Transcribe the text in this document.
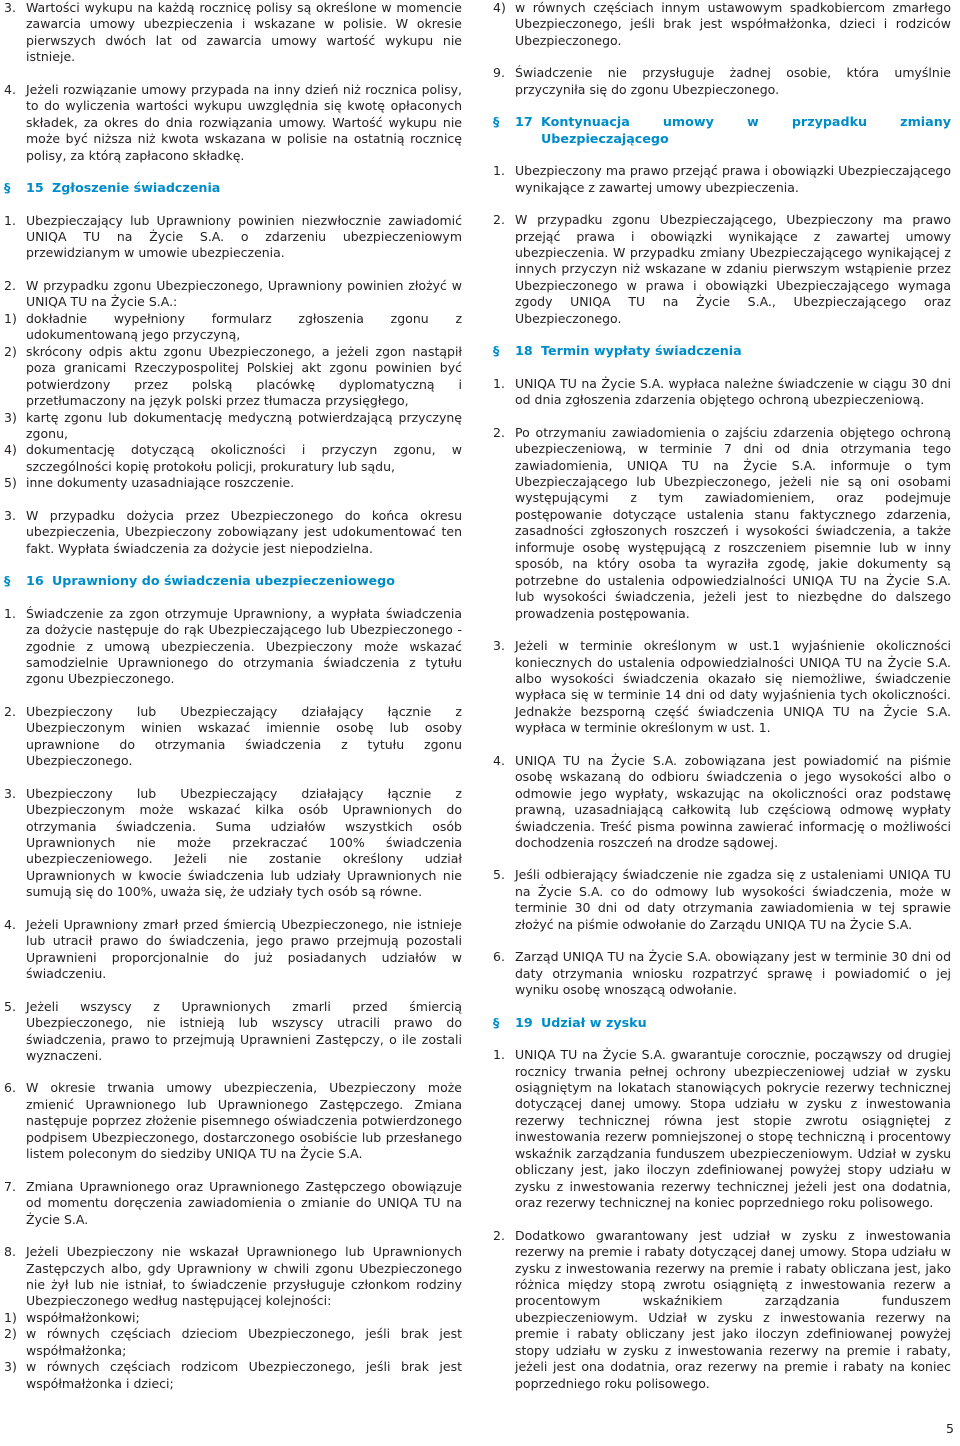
3. Wartości wykupu na każdą rocznicę polisy są określone w momencie zawarcia umowy ubezpieczenia i wskazane w polisie. W okresie pierwszych dwóch lat od zawarcia umowy wartość wykupu nie istnieje.

4. Jeżeli rozwiązanie umowy przypada na inny dzień niż rocznica polisy, to do wyliczenia wartości wykupu uwzględnia się kwotę opłaconych składek, za okres do dnia rozwiązania umowy. Wartość wykupu nie może być niższa niż kwota wskazana w polisie na ostatnią rocznicę polisy, za którą zapłacono składkę.

§	15 Zgłoszenie świadczenia
1. Ubezpieczający lub Uprawniony powinien niezwłocznie zawiadomić UNIQA TU na Życie S.A. o zdarzeniu ubezpieczeniowym przewidzianym w umowie ubezpieczenia.

2. W przypadku zgonu Ubezpieczonego, Uprawniony powinien złożyć w UNIQA TU na Życie S.A.:

1) dokładnie wypełniony formularz zgłoszenia zgonu z udokumentowaną jego przyczyną,
2) skrócony odpis aktu zgonu Ubezpieczonego, a jeżeli zgon nastąpił poza granicami Rzeczypospolitej Polskiej akt zgonu powinien być potwierdzony przez polską placówkę dyplomatyczną i przetłumaczony na język polski przez tłumacza przysięgłego,
3) kartę zgonu lub dokumentację medyczną potwierdzającą przyczynę zgonu,
4) dokumentację dotyczącą okoliczności i przyczyn zgonu, w szczególności kopię protokołu policji, prokuratury lub sądu,
5) inne dokumenty uzasadniające roszczenie.
3. W przypadku dożycia przez Ubezpieczonego do końca okresu ubezpieczenia, Ubezpieczony zobowiązany jest udokumentować ten fakt. Wypłata świadczenia za dożycie jest niepodzielna.

§	16 Uprawniony do świadczenia ubezpieczeniowego
1. Świadczenie za zgon otrzymuje Uprawniony, a wypłata świadczenia za dożycie następuje do rąk Ubezpieczającego lub Ubezpieczonego - zgodnie z umową ubezpieczenia. Ubezpieczony może wskazać samodzielnie Uprawnionego do otrzymania świadczenia z tytułu zgonu Ubezpieczonego.

2. Ubezpieczony lub Ubezpieczający działający łącznie z Ubezpieczonym winien wskazać imiennie osobę lub osoby uprawnione do otrzymania świadczenia z tytułu zgonu Ubezpieczonego.

3. Ubezpieczony lub Ubezpieczający działający łącznie z Ubezpieczonym może wskazać kilka osób Uprawnionych do otrzymania świadczenia. Suma udziałów wszystkich osób Uprawnionych nie może przekraczać 100% świadczenia ubezpieczeniowego. Jeżeli nie zostanie określony udział Uprawnionych w kwocie świadczenia lub udziały Uprawnionych nie sumują się do 100%, uważa się, że udziały tych osób są równe.

4. Jeżeli Uprawniony zmarł przed śmiercią Ubezpieczonego, nie istnieje lub utracił prawo do świadczenia, jego prawo przejmują pozostali Uprawnieni proporcjonalnie do już posiadanych udziałów w świadczeniu.

5. Jeżeli wszyscy z Uprawnionych zmarli przed śmiercią Ubezpieczonego, nie istnieją lub wszyscy utracili prawo do świadczenia, prawo to przejmują Uprawnieni Zastępczy, o ile zostali wyznaczeni.

6. W okresie trwania umowy ubezpieczenia, Ubezpieczony może zmienić Uprawnionego lub Uprawnionego Zastępczego. Zmiana następuje poprzez złożenie pisemnego oświadczenia potwierdzonego podpisem Ubezpieczonego, dostarczonego osobiście lub przesłanego listem poleconym do siedziby UNIQA TU na Życie S.A.

7. Zmiana Uprawnionego oraz Uprawnionego Zastępczego obowiązuje od momentu doręczenia zawiadomienia o zmianie do UNIQA TU na Życie S.A.

8. Jeżeli Ubezpieczony nie wskazał Uprawnionego lub Uprawnionych Zastępczych albo, gdy Uprawniony w chwili zgonu Ubezpieczonego nie żył lub nie istniał, to świadczenie przysługuje członkom rodziny Ubezpieczonego według następującej kolejności:

1) współmałżonkowi;
2) w równych częściach dzieciom Ubezpieczonego, jeśli brak jest współmałżonka;
3) w równych częściach rodzicom Ubezpieczonego, jeśli brak jest współmałżonka i dzieci;
4) w równych częściach innym ustawowym spadkobiercom zmarłego Ubezpieczonego, jeśli brak jest współmałżonka, dzieci i rodziców Ubezpieczonego.
9. Świadczenie nie przysługuje żadnej osobie, która umyślnie przyczyniła się do zgonu Ubezpieczonego.

§	17 Kontynuacja umowy w przypadku zmiany Ubezpieczającego
1. Ubezpieczony ma prawo przejąć prawa i obowiązki Ubezpieczającego wynikające z zawartej umowy ubezpieczenia.

2. W przypadku zgonu Ubezpieczającego, Ubezpieczony ma prawo przejąć prawa i obowiązki wynikające z zawartej umowy ubezpieczenia. W przypadku zmiany Ubezpieczającego wynikającej z innych przyczyn niż wskazane w zdaniu pierwszym wstąpienie przez Ubezpieczonego w prawa i obowiązki Ubezpieczającego wymaga zgody UNIQA TU na Życie S.A., Ubezpieczającego oraz Ubezpieczonego.

§	18 Termin wypłaty świadczenia
1. UNIQA TU na Życie S.A. wypłaca należne świadczenie w ciągu 30 dni od dnia zgłoszenia zdarzenia objętego ochroną ubezpieczeniową.

2. Po otrzymaniu zawiadomienia o zajściu zdarzenia objętego ochroną ubezpieczeniową, w terminie 7 dni od dnia otrzymania tego zawiadomienia, UNIQA TU na Życie S.A. informuje o tym Ubezpieczającego lub Ubezpieczonego, jeżeli nie są oni osobami występującymi z tym zawiadomieniem, oraz podejmuje postępowanie dotyczące ustalenia stanu faktycznego zdarzenia, zasadności zgłoszonych roszczeń i wysokości świadczenia, a także informuje osobę występującą z roszczeniem pisemnie lub w inny sposób, na który osoba ta wyraziła zgodę, jakie dokumenty są potrzebne do ustalenia odpowiedzialności UNIQA TU na Życie S.A. lub wysokości świadczenia, jeżeli jest to niezbędne do dalszego prowadzenia postępowania.

3. Jeżeli w terminie określonym w ust.1 wyjaśnienie okoliczności koniecznych do ustalenia odpowiedzialności UNIQA TU na Życie S.A. albo wysokości świadczenia okazało się niemożliwe, świadczenie wypłaca się w terminie 14 dni od daty wyjaśnienia tych okoliczności. Jednakże bezsporną część świadczenia UNIQA TU na Życie S.A. wypłaca w terminie określonym w ust. 1.

4. UNIQA TU na Życie S.A. zobowiązana jest powiadomić na piśmie osobę wskazaną do odbioru świadczenia o jego wysokości albo o odmowie jego wypłaty, wskazując na okoliczności oraz podstawę prawną, uzasadniającą całkowitą lub częściową odmowę wypłaty świadczenia. Treść pisma powinna zawierać informację o możliwości dochodzenia roszczeń na drodze sądowej.

5. Jeśli odbierający świadczenie nie zgadza się z ustaleniami UNIQA TU na Życie S.A. co do odmowy lub wysokości świadczenia, może w terminie 30 dni od daty otrzymania zawiadomienia w tej sprawie złożyć na piśmie odwołanie do Zarządu UNIQA TU na Życie S.A.

6. Zarząd UNIQA TU na Życie S.A. obowiązany jest w terminie 30 dni od daty otrzymania wniosku rozpatrzyć sprawę i powiadomić o jej wyniku osobę wnoszącą odwołanie.

§	19 Udział w zysku
1. UNIQA TU na Życie S.A. gwarantuje corocznie, począwszy od drugiej rocznicy trwania pełnej ochrony ubezpieczeniowej udział w zysku osiągniętym na lokatach stanowiących pokrycie rezerwy technicznej dotyczącej danej umowy. Stopa udziału w zysku z inwestowania rezerwy technicznej równa jest stopie zwrotu osiągniętej z inwestowania rezerw pomniejszonej o stopę techniczną i procentowy wskaźnik zarządzania funduszem ubezpieczeniowym. Udział w zysku obliczany jest, jako iloczyn zdefiniowanej powyżej stopy udziału w zysku z inwestowania rezerwy technicznej jeżeli jest ona dodatnia, oraz rezerwy technicznej na koniec poprzedniego roku polisowego.

2. Dodatkowo gwarantowany jest udział w zysku z inwestowania rezerwy na premie i rabaty dotyczącej danej umowy. Stopa udziału w zysku z inwestowania rezerwy na premie i rabaty obliczana jest, jako różnica między stopą zwrotu osiągniętą z inwestowania rezerw a procentowym wskaźnikiem zarządzania funduszem ubezpieczeniowym. Udział w zysku z inwestowania rezerwy na premie i rabaty obliczany jest jako iloczyn zdefiniowanej powyżej stopy udziału w zysku z inwestowania rezerwy na premie i rabaty, jeżeli jest ona dodatnia, oraz rezerwy na premie i rabaty na koniec poprzedniego roku polisowego.

5
